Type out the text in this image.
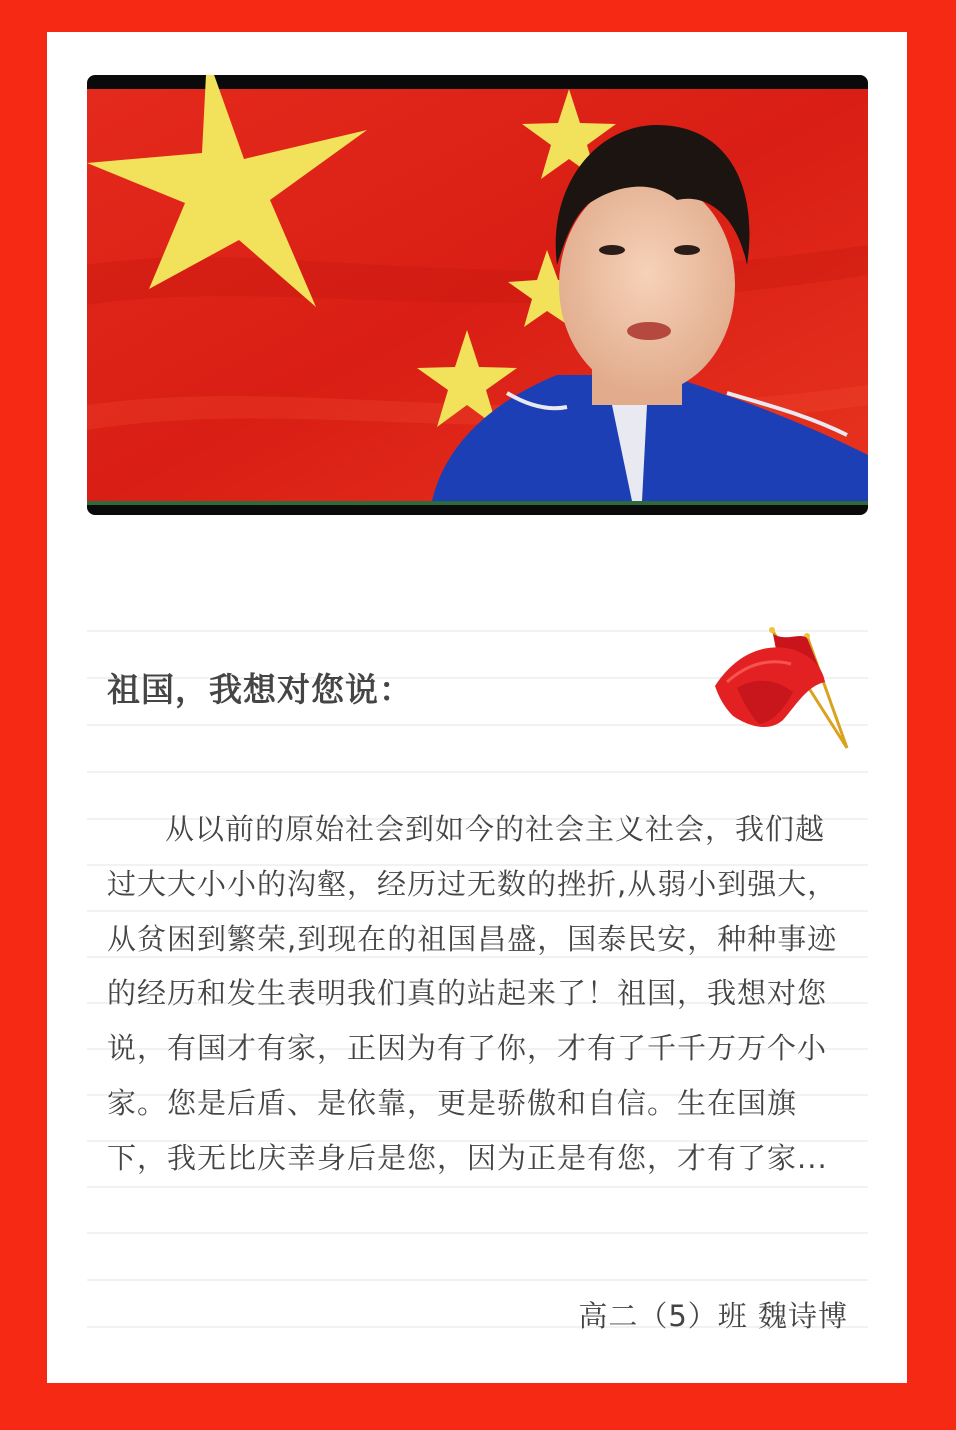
祖国，我想对您说：

从以前的原始社会到如今的社会主义社会，我们越过大大小小的沟壑，经历过无数的挫折,从弱小到强大，从贫困到繁荣,到现在的祖国昌盛，国泰民安，种种事迹的经历和发生表明我们真的站起来了！祖国，我想对您说，有国才有家，正因为有了你，才有了千千万万个小家。您是后盾、是依靠，更是骄傲和自信。生在国旗下，我无比庆幸身后是您，因为正是有您，才有了家...

高二（5）班 魏诗博
